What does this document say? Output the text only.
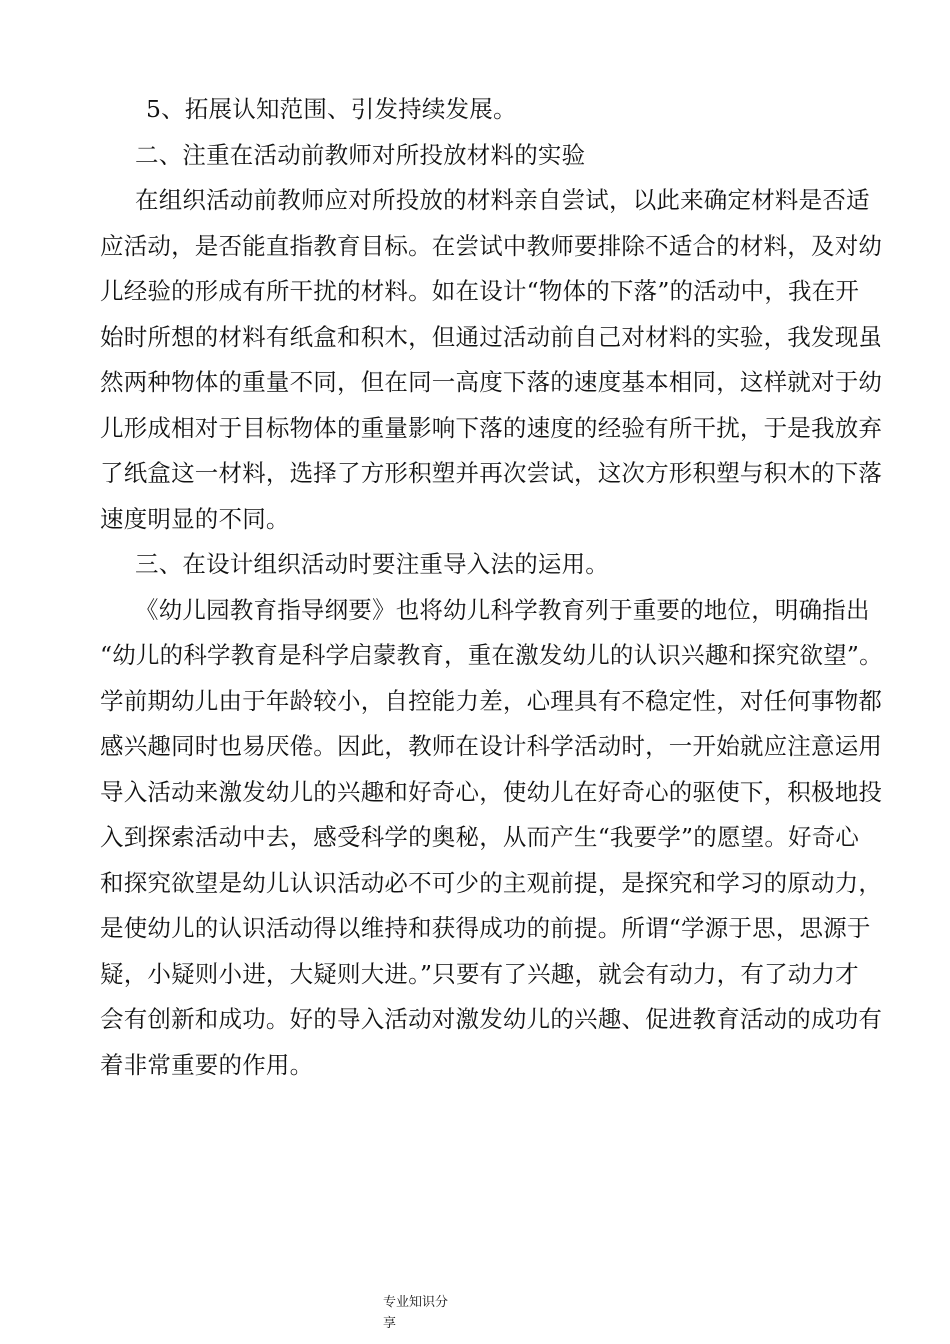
5、拓展认知范围、引发持续发展。
二、注重在活动前教师对所投放材料的实验
在组织活动前教师应对所投放的材料亲自尝试，以此来确定材料是否适
应活动，是否能直指教育目标。在尝试中教师要排除不适合的材料，及对幼
儿经验的形成有所干扰的材料。如在设计“物体的下落”的活动中，我在开
始时所想的材料有纸盒和积木，但通过活动前自己对材料的实验，我发现虽
然两种物体的重量不同，但在同一高度下落的速度基本相同，这样就对于幼
儿形成相对于目标物体的重量影响下落的速度的经验有所干扰，于是我放弃
了纸盒这一材料，选择了方形积塑并再次尝试，这次方形积塑与积木的下落
速度明显的不同。
三、在设计组织活动时要注重导入法的运用。
《幼儿园教育指导纲要》也将幼儿科学教育列于重要的地位，明确指出
“幼儿的科学教育是科学启蒙教育，重在激发幼儿的认识兴趣和探究欲望”。
学前期幼儿由于年龄较小，自控能力差，心理具有不稳定性，对任何事物都
感兴趣同时也易厌倦。因此，教师在设计科学活动时，一开始就应注意运用
导入活动来激发幼儿的兴趣和好奇心，使幼儿在好奇心的驱使下，积极地投
入到探索活动中去，感受科学的奥秘，从而产生“我要学”的愿望。好奇心
和探究欲望是幼儿认识活动必不可少的主观前提，是探究和学习的原动力，
是使幼儿的认识活动得以维持和获得成功的前提。所谓“学源于思，思源于
疑，小疑则小进，大疑则大进。”只要有了兴趣，就会有动力，有了动力才
会有创新和成功。好的导入活动对激发幼儿的兴趣、促进教育活动的成功有
着非常重要的作用。
专业知识分
享
